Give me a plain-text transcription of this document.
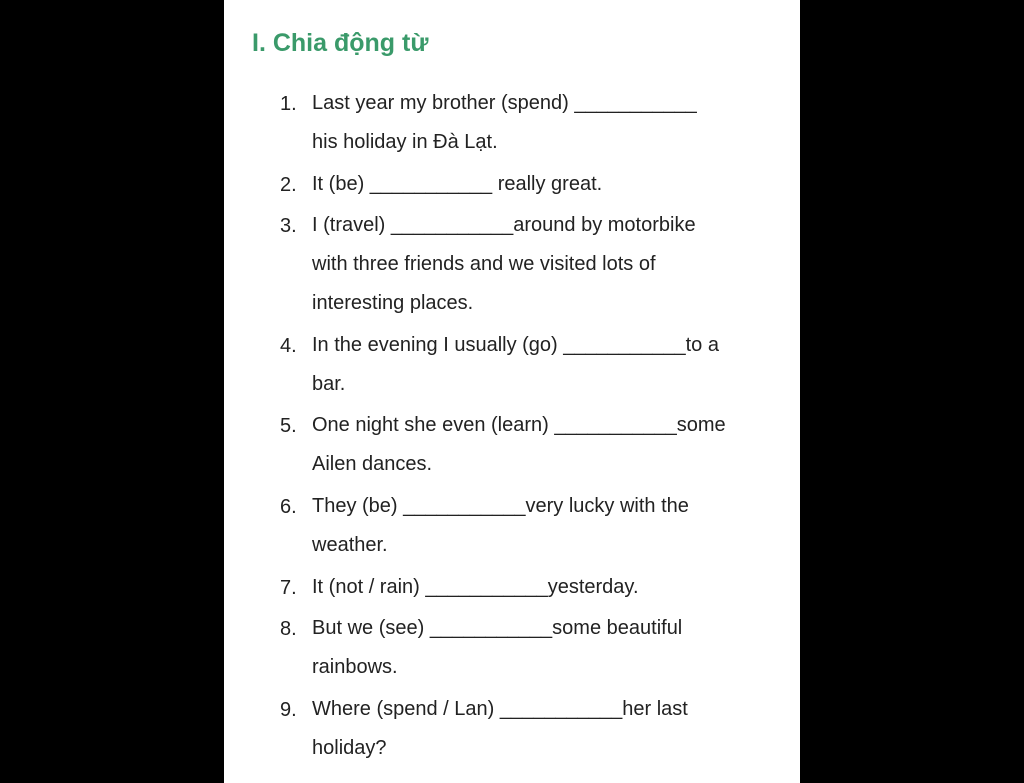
I. Chia động từ
1. Last year my brother (spend) ___________
his holiday in Đà Lạt.
2. It (be) ___________ really great.
3. I (travel) ___________around by motorbike
with three friends and we visited lots of
interesting places.
4. In the evening I usually (go) ___________to a
bar.
5. One night she even (learn) ___________some
Ailen dances.
6. They (be) ___________very lucky with the
weather.
7. It (not / rain) ___________yesterday.
8. But we (see) ___________some beautiful
rainbows.
9. Where (spend / Lan) ___________her last
holiday?
